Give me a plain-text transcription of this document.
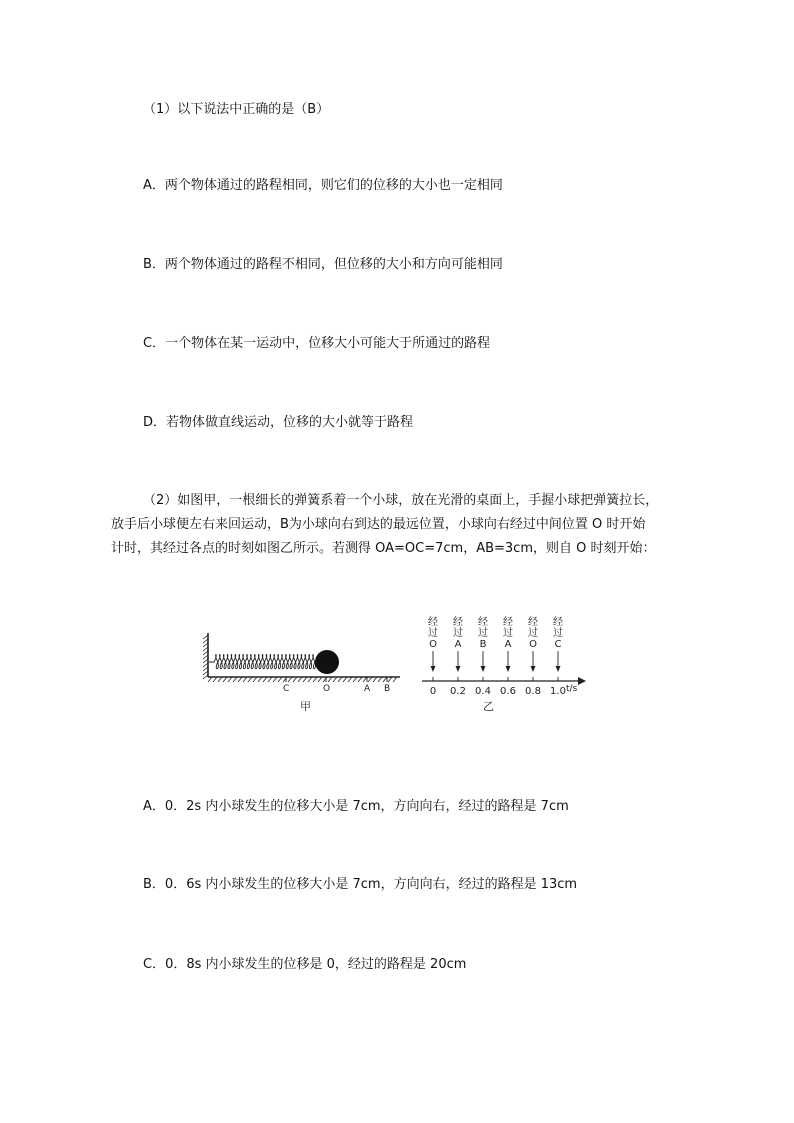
（1）以下说法中正确的是（B）
A．两个物体通过的路程相同，则它们的位移的大小也一定相同
B．两个物体通过的路程不相同，但位移的大小和方向可能相同
C．一个物体在某一运动中，位移大小可能大于所通过的路程
D．若物体做直线运动，位移的大小就等于路程
（2）如图甲，一根细长的弹簧系着一个小球，放在光滑的桌面上，手握小球把弹簧拉长，
放手后小球便左右来回运动，B为小球向右到达的最远位置，小球向右经过中间位置 O 时开始
计时，其经过各点的时刻如图乙所示。若测得 OA=OC=7cm，AB=3cm，则自 O 时刻开始：
C	O	A B
甲
t/s
0
经
过
O
0.2
经
过
A
0.4
经
过
B
0.6
经
过
A
0.8
经
过
O
1.0
经
过
C
乙
A．0．2s 内小球发生的位移大小是 7cm，方向向右，经过的路程是 7cm
B．0．6s 内小球发生的位移大小是 7cm，方向向右，经过的路程是 13cm
C．0．8s 内小球发生的位移是 0，经过的路程是 20cm
